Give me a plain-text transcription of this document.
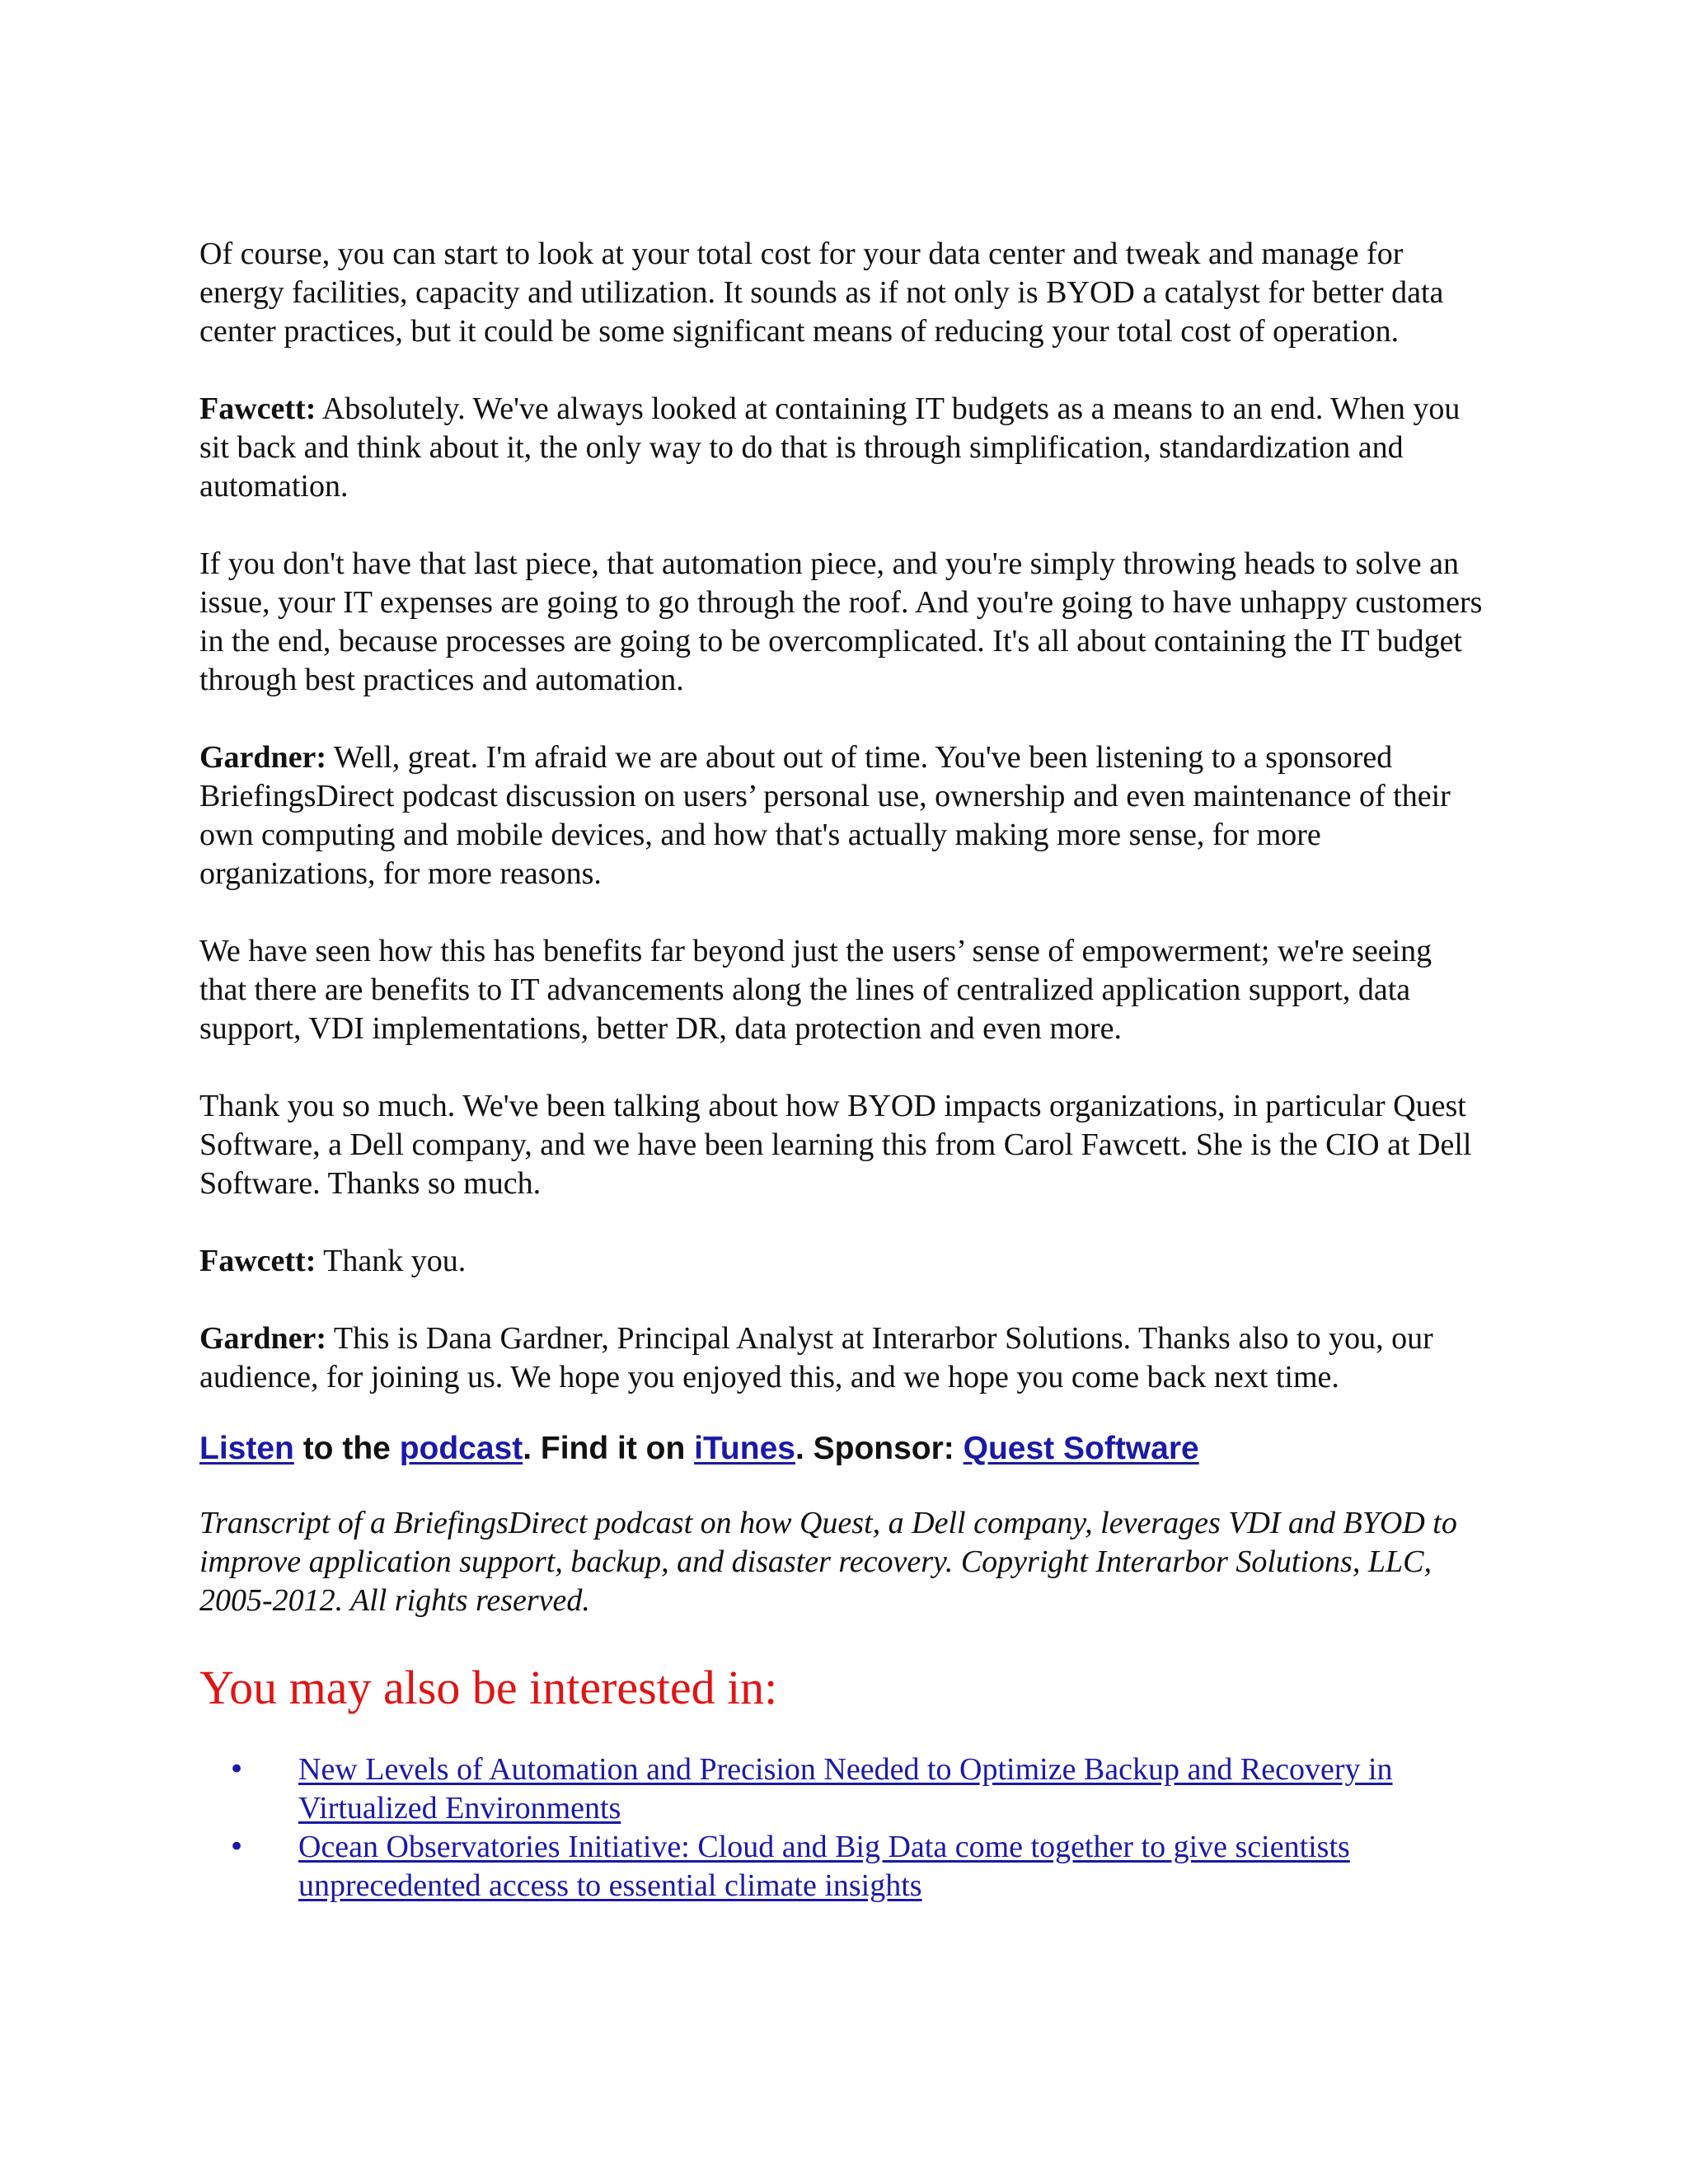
Of course, you can start to look at your total cost for your data center and tweak and manage for energy facilities, capacity and utilization. It sounds as if not only is BYOD a catalyst for better data center practices, but it could be some significant means of reducing your total cost of operation.

Fawcett: Absolutely. We've always looked at containing IT budgets as a means to an end. When you sit back and think about it, the only way to do that is through simplification, standardization and automation.

If you don't have that last piece, that automation piece, and you're simply throwing heads to solve an issue, your IT expenses are going to go through the roof. And you're going to have unhappy customers in the end, because processes are going to be overcomplicated. It's all about containing the IT budget through best practices and automation.

Gardner: Well, great. I'm afraid we are about out of time. You've been listening to a sponsored BriefingsDirect podcast discussion on users’ personal use, ownership and even maintenance of their own computing and mobile devices, and how that's actually making more sense, for more organizations, for more reasons.

We have seen how this has benefits far beyond just the users’ sense of empowerment; we're seeing that there are benefits to IT advancements along the lines of centralized application support, data support, VDI implementations, better DR, data protection and even more.

Thank you so much. We've been talking about how BYOD impacts organizations, in particular Quest Software, a Dell company, and we have been learning this from Carol Fawcett. She is the CIO at Dell Software. Thanks so much.

Fawcett: Thank you.

Gardner: This is Dana Gardner, Principal Analyst at Interarbor Solutions. Thanks also to you, our audience, for joining us. We hope you enjoyed this, and we hope you come back next time.

Listen to the podcast. Find it on iTunes. Sponsor: Quest Software

Transcript of a BriefingsDirect podcast on how Quest, a Dell company, leverages VDI and BYOD to improve application support, backup, and disaster recovery. Copyright Interarbor Solutions, LLC, 2005-2012. All rights reserved.

You may also be interested in:
• New Levels of Automation and Precision Needed to Optimize Backup and Recovery in Virtualized Environments
• Ocean Observatories Initiative: Cloud and Big Data come together to give scientists unprecedented access to essential climate insights
